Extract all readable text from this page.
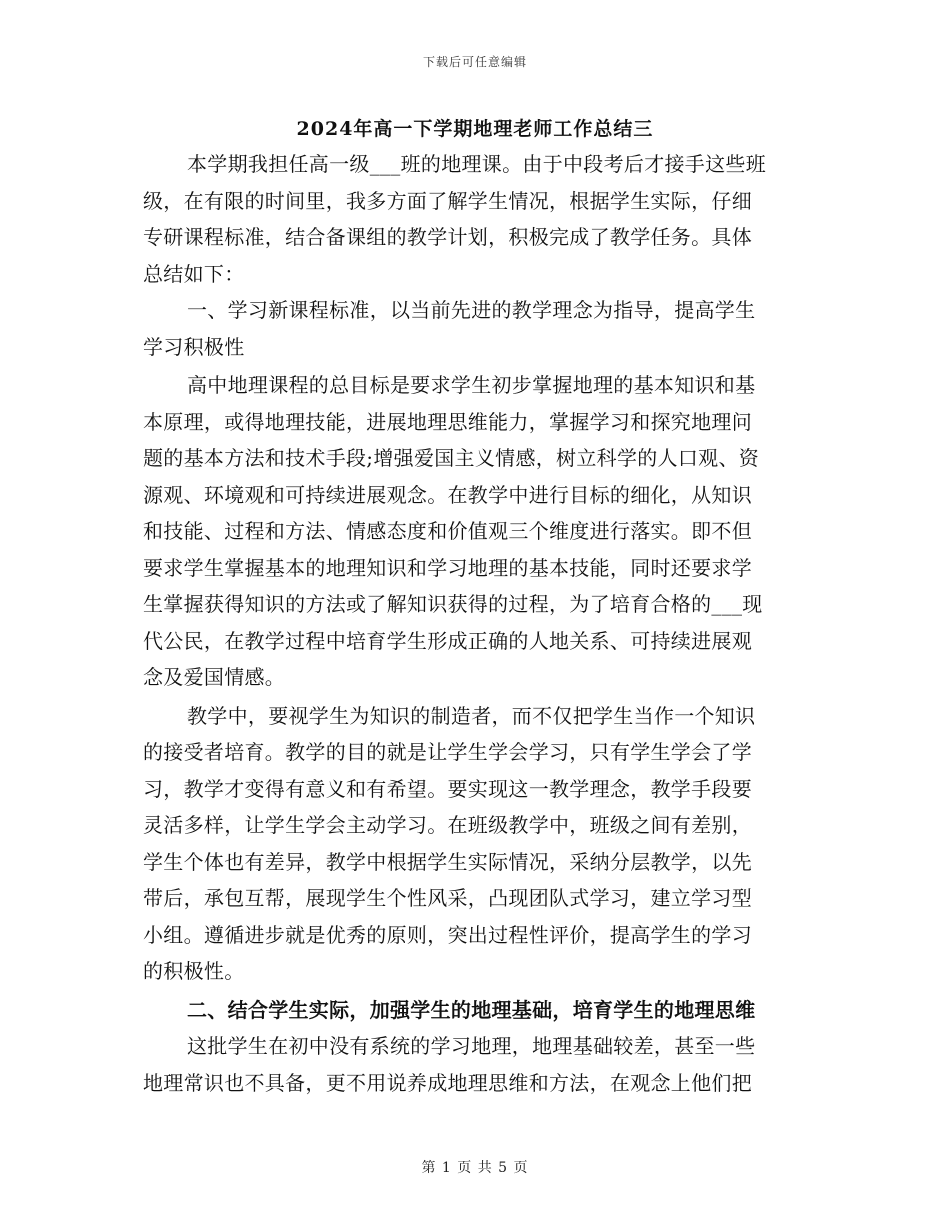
下载后可任意编辑
2024年高一下学期地理老师工作总结三
本学期我担任高一级___班的地理课。由于中段考后才接手这些班
级，在有限的时间里，我多方面了解学生情况，根据学生实际，仔细
专研课程标准，结合备课组的教学计划，积极完成了教学任务。具体
总结如下：
一、学习新课程标准，以当前先进的教学理念为指导，提高学生
学习积极性
高中地理课程的总目标是要求学生初步掌握地理的基本知识和基
本原理，或得地理技能，进展地理思维能力，掌握学习和探究地理问
题的基本方法和技术手段;增强爱国主义情感，树立科学的人口观、资
源观、环境观和可持续进展观念。在教学中进行目标的细化，从知识
和技能、过程和方法、情感态度和价值观三个维度进行落实。即不但
要求学生掌握基本的地理知识和学习地理的基本技能，同时还要求学
生掌握获得知识的方法或了解知识获得的过程，为了培育合格的___现
代公民，在教学过程中培育学生形成正确的人地关系、可持续进展观
念及爱国情感。
教学中，要视学生为知识的制造者，而不仅把学生当作一个知识
的接受者培育。教学的目的就是让学生学会学习，只有学生学会了学
习，教学才变得有意义和有希望。要实现这一教学理念，教学手段要
灵活多样，让学生学会主动学习。在班级教学中，班级之间有差别，
学生个体也有差异，教学中根据学生实际情况，采纳分层教学，以先
带后，承包互帮，展现学生个性风采，凸现团队式学习，建立学习型
小组。遵循进步就是优秀的原则，突出过程性评价，提高学生的学习
的积极性。
二、结合学生实际，加强学生的地理基础，培育学生的地理思维
这批学生在初中没有系统的学习地理，地理基础较差，甚至一些
地理常识也不具备，更不用说养成地理思维和方法，在观念上他们把
第 1 页 共 5 页
